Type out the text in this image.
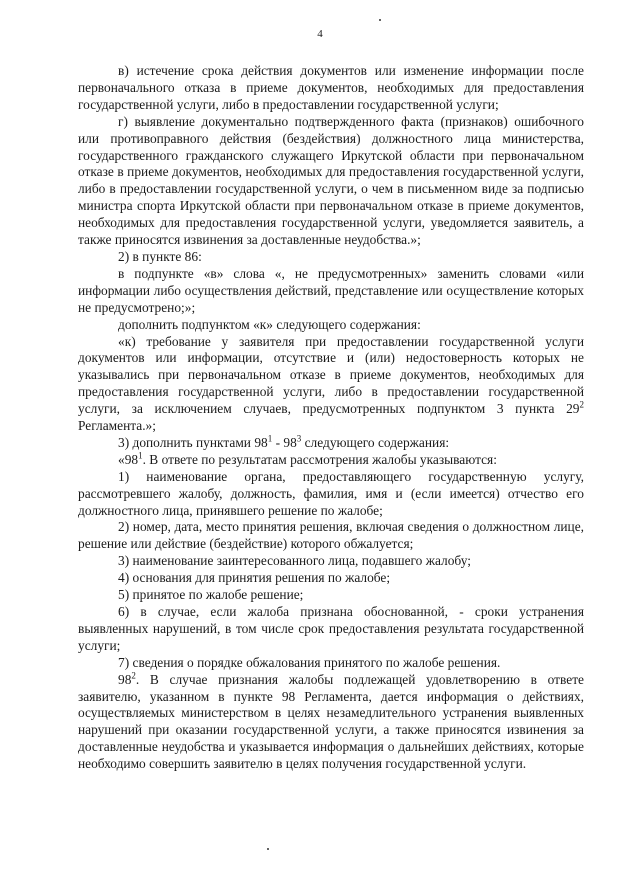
4

в) истечение срока действия документов или изменение информации после первоначального отказа в приеме документов, необходимых для предоставления государственной услуги, либо в предоставлении государственной услуги;

г) выявление документально подтвержденного факта (признаков) ошибочного или противоправного действия (бездействия) должностного лица министерства, государственного гражданского служащего Иркутской области при первоначальном отказе в приеме документов, необходимых для предоставления государственной услуги, либо в предоставлении государственной услуги, о чем в письменном виде за подписью министра спорта Иркутской области при первоначальном отказе в приеме документов, необходимых для предоставления государственной услуги, уведомляется заявитель, а также приносятся извинения за доставленные неудобства.»;

2) в пункте 86:

в подпункте «в» слова «, не предусмотренных» заменить словами «или информации либо осуществления действий, представление или осуществление которых не предусмотрено;»;

дополнить подпунктом «к» следующего содержания:

«к) требование у заявителя при предоставлении государственной услуги документов или информации, отсутствие и (или) недостоверность которых не указывались при первоначальном отказе в приеме документов, необходимых для предоставления государственной услуги, либо в предоставлении государственной услуги, за исключением случаев, предусмотренных подпунктом 3 пункта $29^2$ Регламента.»;

3) дополнить пунктами $98^1 - 98^3$ следующего содержания:

«$98^1$. В ответе по результатам рассмотрения жалобы указываются:

1) наименование органа, предоставляющего государственную услугу, рассмотревшего жалобу, должность, фамилия, имя и (если имеется) отчество его должностного лица, принявшего решение по жалобе;

2) номер, дата, место принятия решения, включая сведения о должностном лице, решение или действие (бездействие) которого обжалуется;

3) наименование заинтересованного лица, подавшего жалобу;

4) основания для принятия решения по жалобе;

5) принятое по жалобе решение;

6) в случае, если жалоба признана обоснованной, - сроки устранения выявленных нарушений, в том числе срок предоставления результата государственной услуги;

7) сведения о порядке обжалования принятого по жалобе решения.

$98^2$. В случае признания жалобы подлежащей удовлетворению в ответе заявителю, указанном в пункте 98 Регламента, дается информация о действиях, осуществляемых министерством в целях незамедлительного устранения выявленных нарушений при оказании государственной услуги, а также приносятся извинения за доставленные неудобства и указывается информация о дальнейших действиях, которые необходимо совершить заявителю в целях получения государственной услуги.
